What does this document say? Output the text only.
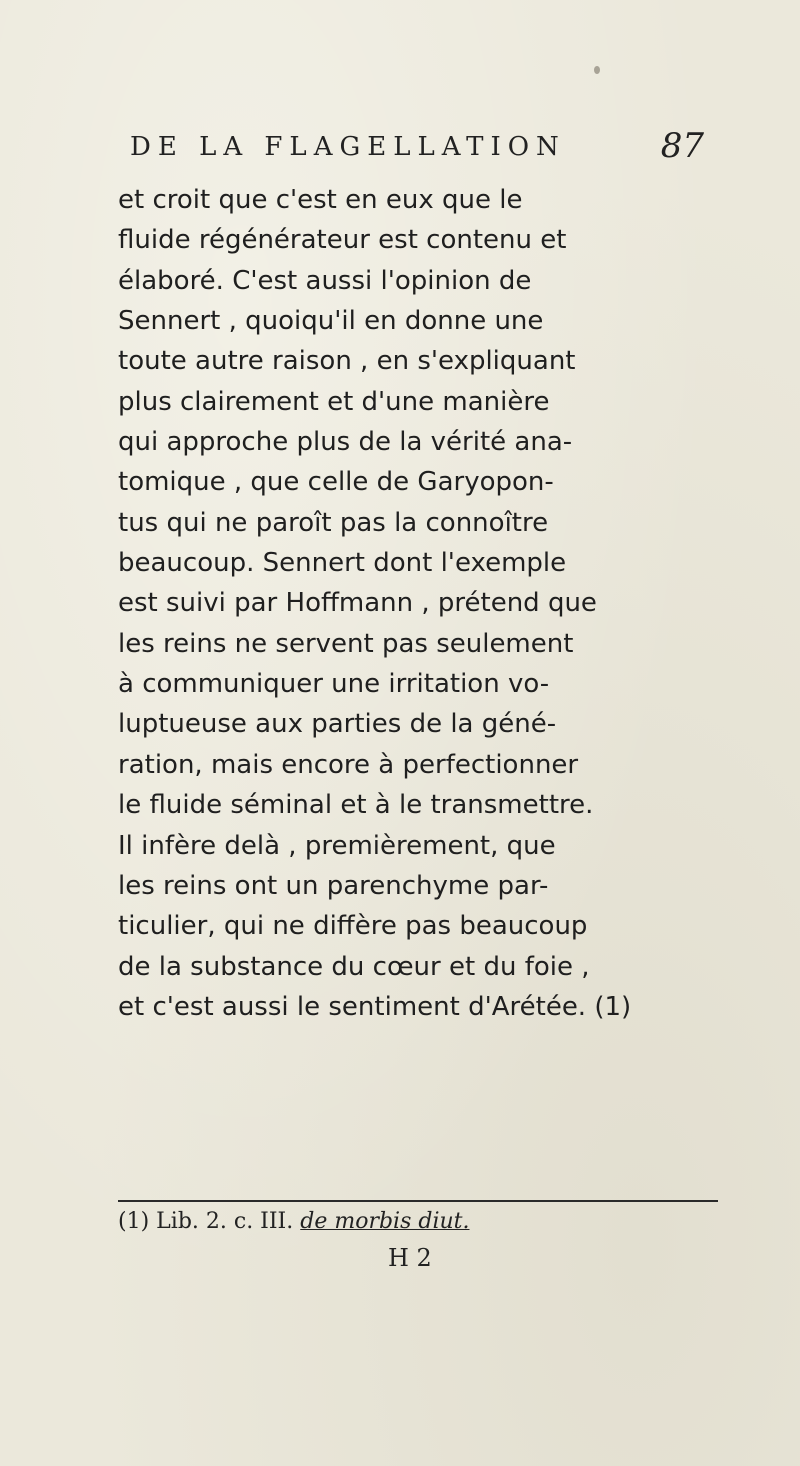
DE LA FLAGELLATION	87
et croit que c'est en eux que le
fluide régénérateur est contenu et
élaboré. C'est aussi l'opinion de
Sennert , quoiqu'il en donne une
toute autre raison , en s'expliquant
plus clairement et d'une manière
qui approche plus de la vérité ana-
tomique , que celle de Garyopon-
tus qui ne paroît pas la connoître
beaucoup. Sennert dont l'exemple
est suivi par Hoffmann , prétend que
les reins ne servent pas seulement
à communiquer une irritation vo-
luptueuse aux parties de la géné-
ration, mais encore à perfectionner
le fluide séminal et à le transmettre.
Il infère delà , premièrement, que
les reins ont un parenchyme par-
ticulier, qui ne diffère pas beaucoup
de la substance du cœur et du foie ,
et c'est aussi le sentiment d'Arétée. (1)
(1) Lib. 2. c. III. de morbis diut.
H 2
